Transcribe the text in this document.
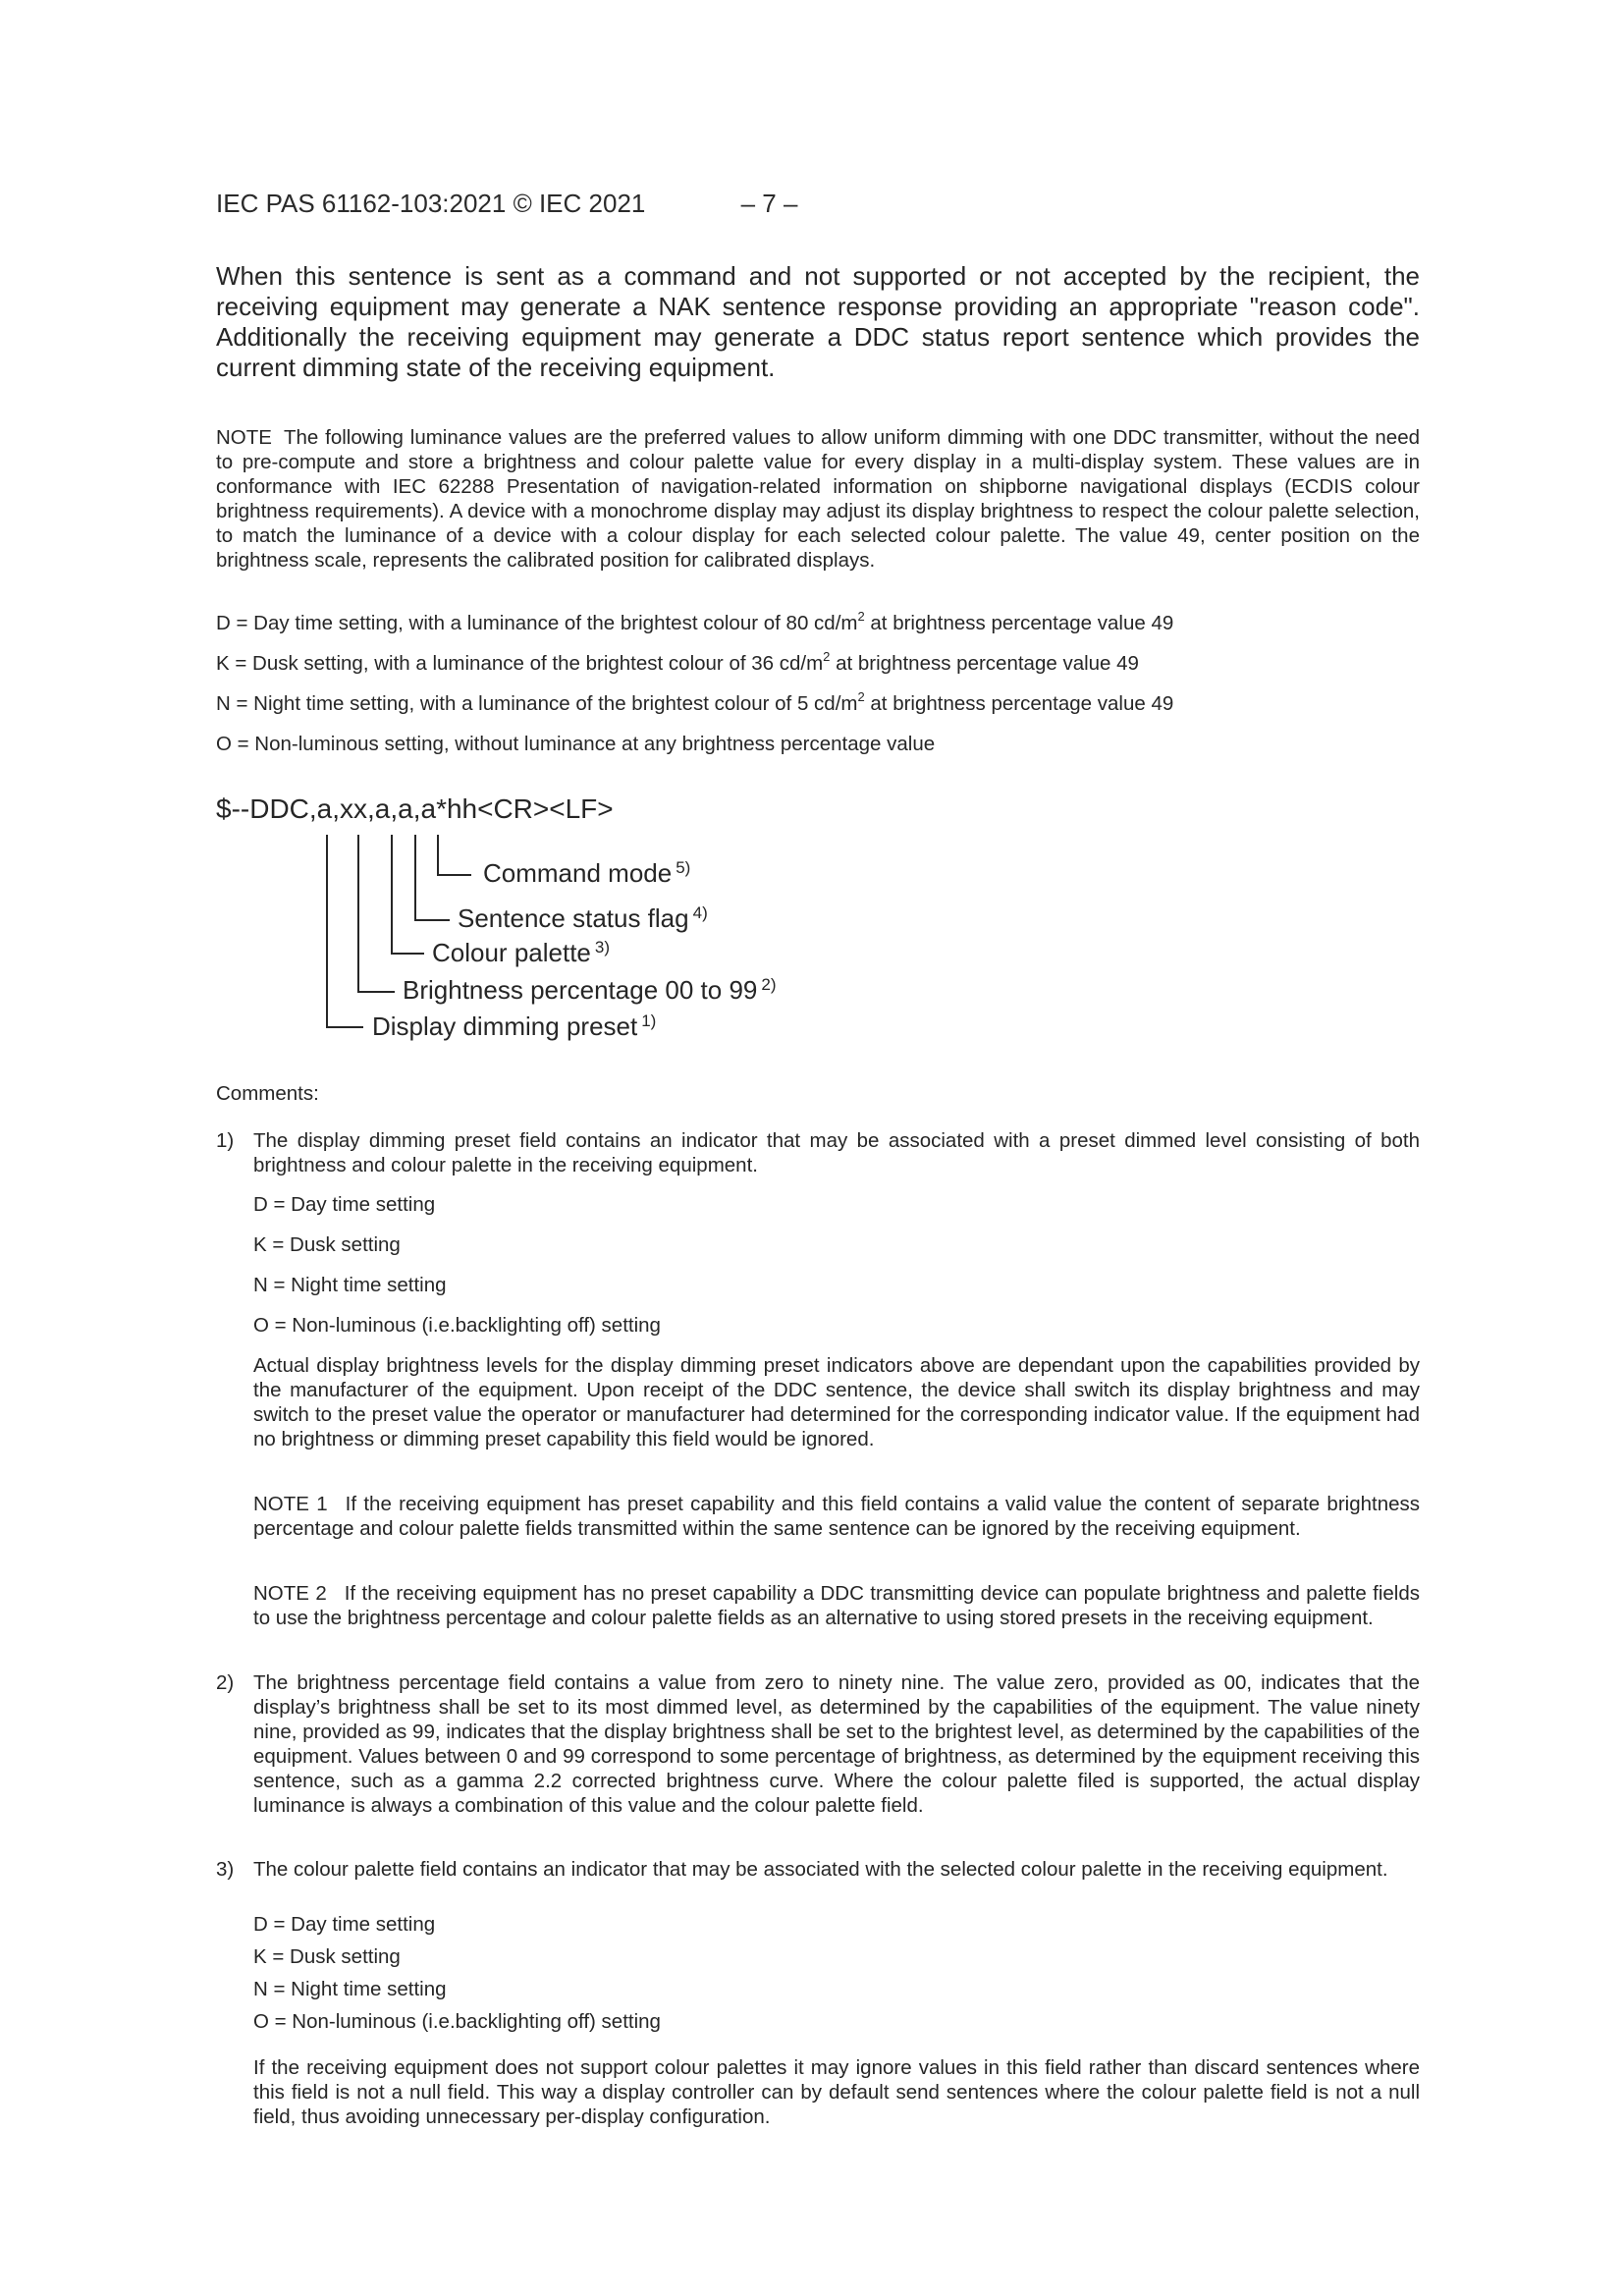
IEC PAS 61162-103:2021 © IEC 2021	– 7 –

When this sentence is sent as a command and not supported or not accepted by the recipient, the receiving equipment may generate a NAK sentence response providing an appropriate "reason code". Additionally the receiving equipment may generate a DDC status report sentence which provides the current dimming state of the receiving equipment.

NOTE The following luminance values are the preferred values to allow uniform dimming with one DDC transmitter, without the need to pre-compute and store a brightness and colour palette value for every display in a multi-display system. These values are in conformance with IEC 62288 Presentation of navigation-related information on shipborne navigational displays (ECDIS colour brightness requirements). A device with a monochrome display may adjust its display brightness to respect the colour palette selection, to match the luminance of a device with a colour display for each selected colour palette. The value 49, center position on the brightness scale, represents the calibrated position for calibrated displays.

D = Day time setting, with a luminance of the brightest colour of 80 $cd/m^2$ at brightness percentage value 49

K = Dusk setting, with a luminance of the brightest colour of 36 $cd/m^2$ at brightness percentage value 49

N = Night time setting, with a luminance of the brightest colour of 5 $cd/m^2$ at brightness percentage value 49

O = Non-luminous setting, without luminance at any brightness percentage value

$--DDC,a,xx,a,a,a*hh<CR><LF>

Command mode $^{5)}$
Sentence status flag $^{4)}$
Colour palette $^{3)}$
Brightness percentage 00 to 99 $^{2)}$
Display dimming preset $^{1)}$

Comments:

1) The display dimming preset field contains an indicator that may be associated with a preset dimmed level consisting of both brightness and colour palette in the receiving equipment.

D = Day time setting

K = Dusk setting

N = Night time setting

O = Non-luminous (i.e.backlighting off) setting

Actual display brightness levels for the display dimming preset indicators above are dependant upon the capabilities provided by the manufacturer of the equipment. Upon receipt of the DDC sentence, the device shall switch its display brightness and may switch to the preset value the operator or manufacturer had determined for the corresponding indicator value. If the equipment had no brightness or dimming preset capability this field would be ignored.

NOTE 1 If the receiving equipment has preset capability and this field contains a valid value the content of separate brightness percentage and colour palette fields transmitted within the same sentence can be ignored by the receiving equipment.

NOTE 2 If the receiving equipment has no preset capability a DDC transmitting device can populate brightness and palette fields to use the brightness percentage and colour palette fields as an alternative to using stored presets in the receiving equipment.

2) The brightness percentage field contains a value from zero to ninety nine. The value zero, provided as 00, indicates that the display’s brightness shall be set to its most dimmed level, as determined by the capabilities of the equipment. The value ninety nine, provided as 99, indicates that the display brightness shall be set to the brightest level, as determined by the capabilities of the equipment. Values between 0 and 99 correspond to some percentage of brightness, as determined by the equipment receiving this sentence, such as a gamma 2.2 corrected brightness curve. Where the colour palette filed is supported, the actual display luminance is always a combination of this value and the colour palette field.

3) The colour palette field contains an indicator that may be associated with the selected colour palette in the receiving equipment.

D = Day time setting

K = Dusk setting

N = Night time setting

O = Non-luminous (i.e.backlighting off) setting

If the receiving equipment does not support colour palettes it may ignore values in this field rather than discard sentences where this field is not a null field. This way a display controller can by default send sentences where the colour palette field is not a null field, thus avoiding unnecessary per-display configuration.
